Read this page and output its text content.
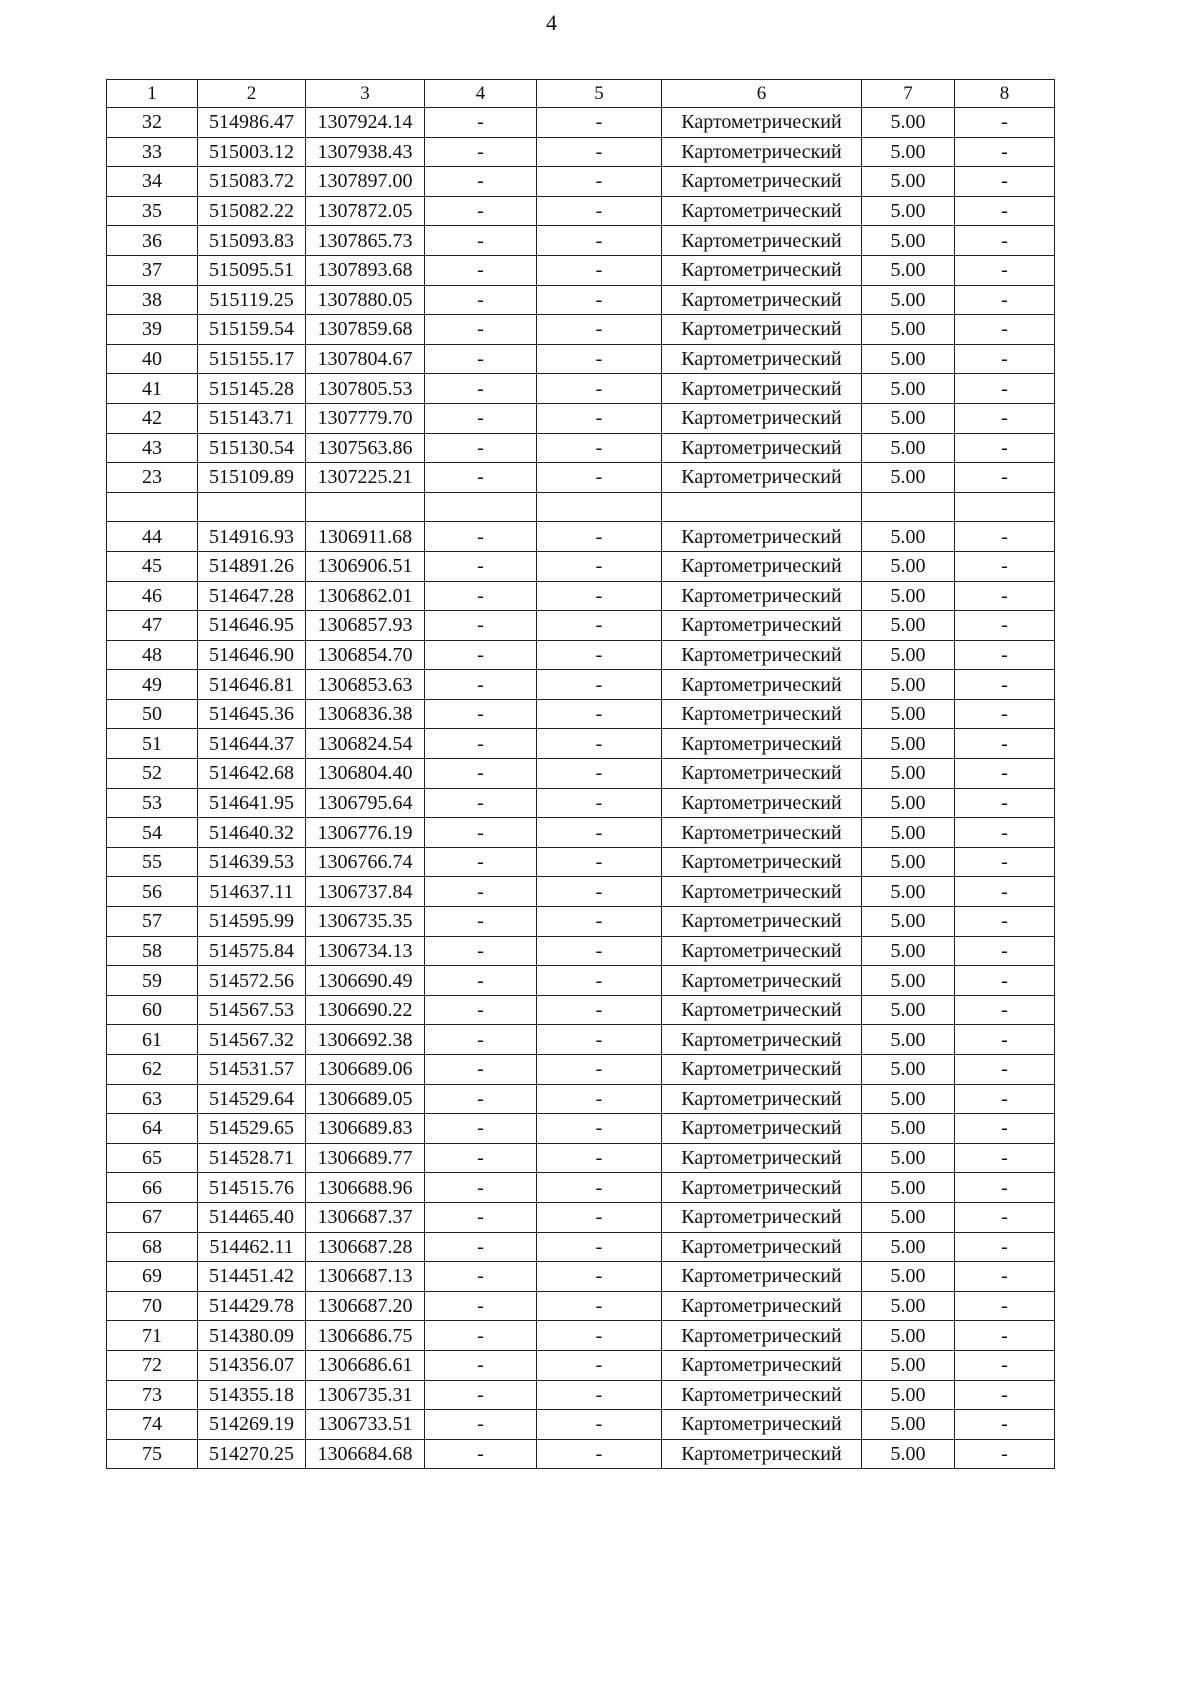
4
1	2	3	4	5	6	7	8
32	514986.47	1307924.14	-	-	Картометрический	5.00	-
33	515003.12	1307938.43	-	-	Картометрический	5.00	-
34	515083.72	1307897.00	-	-	Картометрический	5.00	-
35	515082.22	1307872.05	-	-	Картометрический	5.00	-
36	515093.83	1307865.73	-	-	Картометрический	5.00	-
37	515095.51	1307893.68	-	-	Картометрический	5.00	-
38	515119.25	1307880.05	-	-	Картометрический	5.00	-
39	515159.54	1307859.68	-	-	Картометрический	5.00	-
40	515155.17	1307804.67	-	-	Картометрический	5.00	-
41	515145.28	1307805.53	-	-	Картометрический	5.00	-
42	515143.71	1307779.70	-	-	Картометрический	5.00	-
43	515130.54	1307563.86	-	-	Картометрический	5.00	-
23	515109.89	1307225.21	-	-	Картометрический	5.00	-

44	514916.93	1306911.68	-	-	Картометрический	5.00	-
45	514891.26	1306906.51	-	-	Картометрический	5.00	-
46	514647.28	1306862.01	-	-	Картометрический	5.00	-
47	514646.95	1306857.93	-	-	Картометрический	5.00	-
48	514646.90	1306854.70	-	-	Картометрический	5.00	-
49	514646.81	1306853.63	-	-	Картометрический	5.00	-
50	514645.36	1306836.38	-	-	Картометрический	5.00	-
51	514644.37	1306824.54	-	-	Картометрический	5.00	-
52	514642.68	1306804.40	-	-	Картометрический	5.00	-
53	514641.95	1306795.64	-	-	Картометрический	5.00	-
54	514640.32	1306776.19	-	-	Картометрический	5.00	-
55	514639.53	1306766.74	-	-	Картометрический	5.00	-
56	514637.11	1306737.84	-	-	Картометрический	5.00	-
57	514595.99	1306735.35	-	-	Картометрический	5.00	-
58	514575.84	1306734.13	-	-	Картометрический	5.00	-
59	514572.56	1306690.49	-	-	Картометрический	5.00	-
60	514567.53	1306690.22	-	-	Картометрический	5.00	-
61	514567.32	1306692.38	-	-	Картометрический	5.00	-
62	514531.57	1306689.06	-	-	Картометрический	5.00	-
63	514529.64	1306689.05	-	-	Картометрический	5.00	-
64	514529.65	1306689.83	-	-	Картометрический	5.00	-
65	514528.71	1306689.77	-	-	Картометрический	5.00	-
66	514515.76	1306688.96	-	-	Картометрический	5.00	-
67	514465.40	1306687.37	-	-	Картометрический	5.00	-
68	514462.11	1306687.28	-	-	Картометрический	5.00	-
69	514451.42	1306687.13	-	-	Картометрический	5.00	-
70	514429.78	1306687.20	-	-	Картометрический	5.00	-
71	514380.09	1306686.75	-	-	Картометрический	5.00	-
72	514356.07	1306686.61	-	-	Картометрический	5.00	-
73	514355.18	1306735.31	-	-	Картометрический	5.00	-
74	514269.19	1306733.51	-	-	Картометрический	5.00	-
75	514270.25	1306684.68	-	-	Картометрический	5.00	-
